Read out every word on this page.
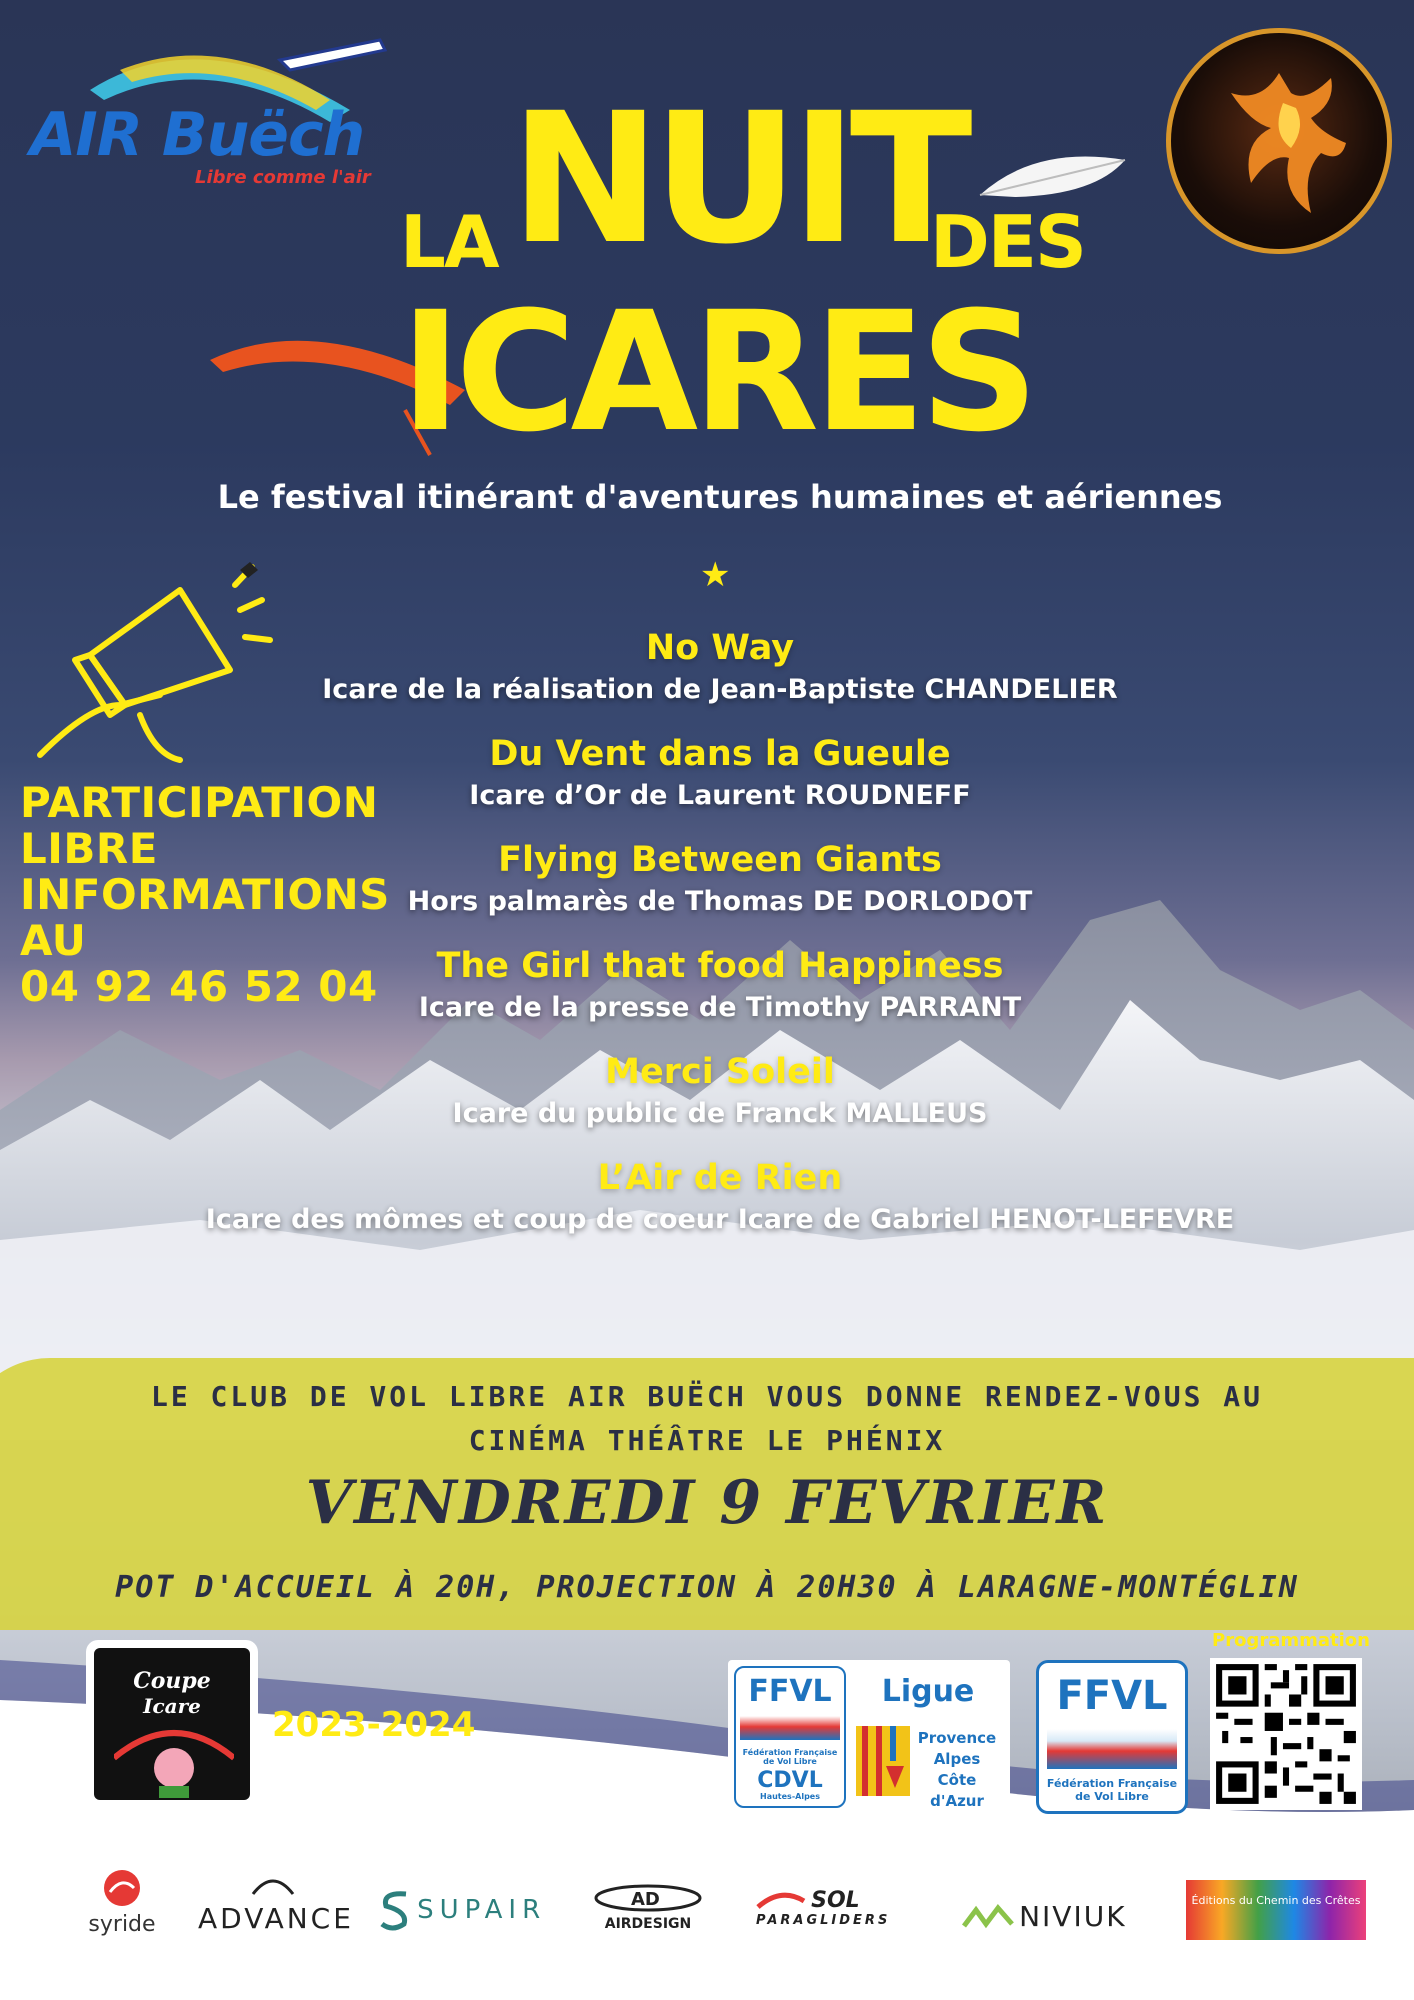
AIR Buëch
Libre comme l'air
LA NUIT
DES
ICARES
Le festival itinérant d'aventures humaines et aériennes
★
PARTICIPATION
LIBRE
INFORMATIONS
AU
04 92 46 52 04
No Way
Icare de la réalisation de Jean-Baptiste CHANDELIER
Du Vent dans la Gueule
Icare d’Or de Laurent ROUDNEFF
Flying Between Giants
Hors palmarès de Thomas DE DORLODOT
The Girl that food Happiness
Icare de la presse de Timothy PARRANT
Merci Soleil
Icare du public de Franck MALLEUS
L’Air de Rien
Icare des mômes et coup de coeur Icare de Gabriel HENOT-LEFEVRE
LE CLUB DE VOL LIBRE AIR BUËCH VOUS DONNE RENDEZ-VOUS AU
CINÉMA THÉÂTRE LE PHÉNIX
VENDREDI 9 FEVRIER
POT D'ACCUEIL À 20H, PROJECTION À 20H30 À LARAGNE-MONTÉGLIN
Coupe
Icare	2023-2024
FFVL
Fédération Française de Vol Libre
CDVL
Hautes-Alpes
Ligue
Provence
Alpes
Côte d'Azur
FFVL
Fédération Française
de Vol Libre
Programmation
syride ADVANCE	SUPAIR	AD
AIRDESIGN
SOL
PARAGLIDERS	NIVIUK	Éditions du Chemin des Crêtes
